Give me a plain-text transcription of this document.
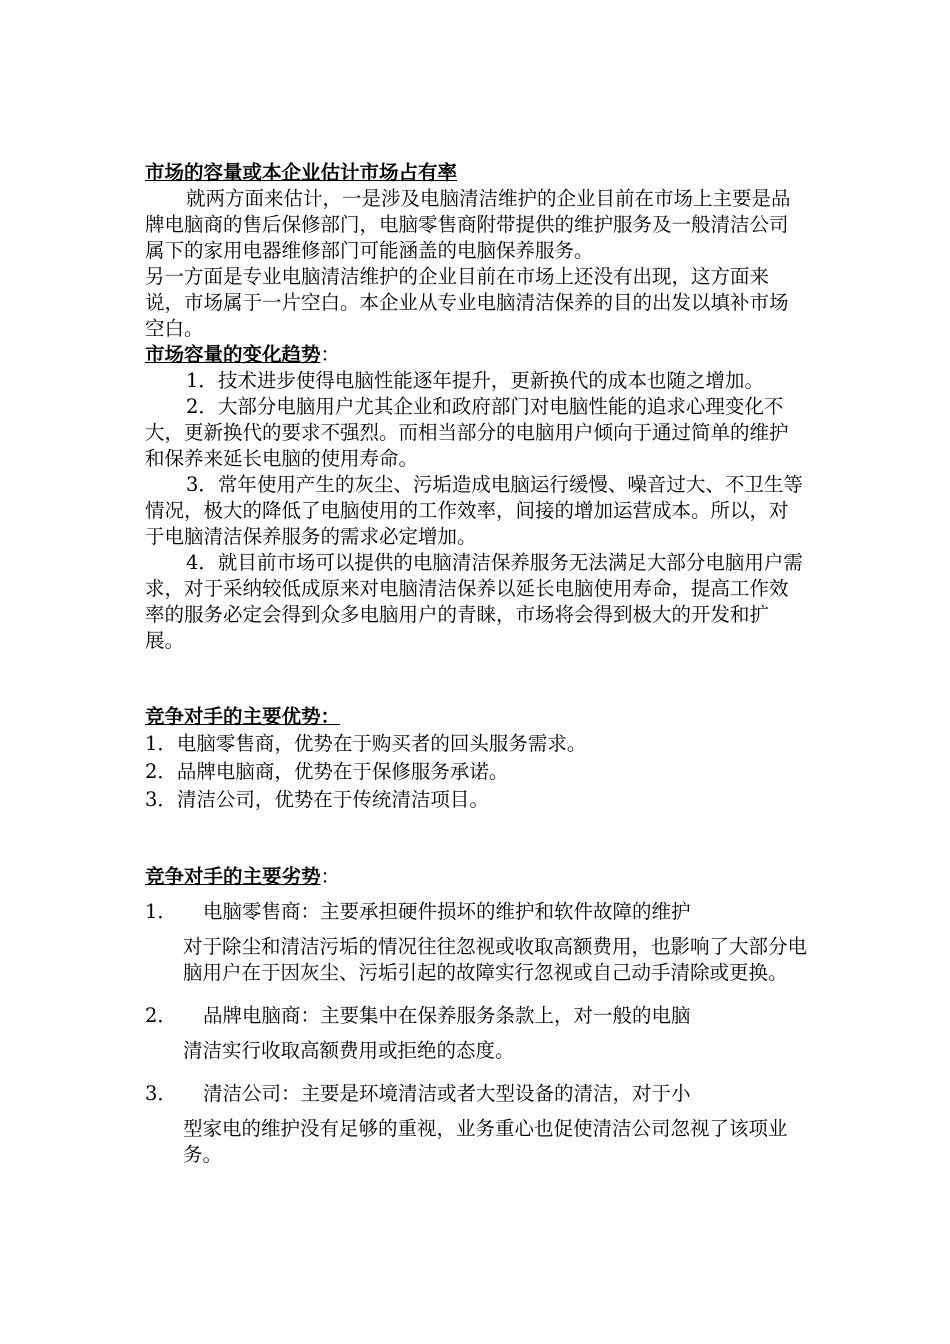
市场的容量或本企业估计市场占有率

就两方面来估计，一是涉及电脑清洁维护的企业目前在市场上主要是品牌电脑商的售后保修部门，电脑零售商附带提供的维护服务及一般清洁公司属下的家用电器维修部门可能涵盖的电脑保养服务。

另一方面是专业电脑清洁维护的企业目前在市场上还没有出现，这方面来说，市场属于一片空白。本企业从专业电脑清洁保养的目的出发以填补市场空白。

市场容量的变化趋势：

1．技术进步使得电脑性能逐年提升，更新换代的成本也随之增加。

2．大部分电脑用户尤其企业和政府部门对电脑性能的追求心理变化不大，更新换代的要求不强烈。而相当部分的电脑用户倾向于通过简单的维护和保养来延长电脑的使用寿命。

3．常年使用产生的灰尘、污垢造成电脑运行缓慢、噪音过大、不卫生等情况，极大的降低了电脑使用的工作效率，间接的增加运营成本。所以，对于电脑清洁保养服务的需求必定增加。

4．就目前市场可以提供的电脑清洁保养服务无法满足大部分电脑用户需求，对于采纳较低成原来对电脑清洁保养以延长电脑使用寿命，提高工作效率的服务必定会得到众多电脑用户的青睐，市场将会得到极大的开发和扩展。

竞争对手的主要优势：

1．电脑零售商，优势在于购买者的回头服务需求。
2．品牌电脑商，优势在于保修服务承诺。
3．清洁公司，优势在于传统清洁项目。

竞争对手的主要劣势：

1．	电脑零售商：主要承担硬件损坏的维护和软件故障的维护
对于除尘和清洁污垢的情况往往忽视或收取高额费用，也影响了大部分电脑用户在于因灰尘、污垢引起的故障实行忽视或自己动手清除或更换。
2．	品牌电脑商：主要集中在保养服务条款上，对一般的电脑
清洁实行收取高额费用或拒绝的态度。
3．	清洁公司：主要是环境清洁或者大型设备的清洁，对于小
型家电的维护没有足够的重视，业务重心也促使清洁公司忽视了该项业务。
